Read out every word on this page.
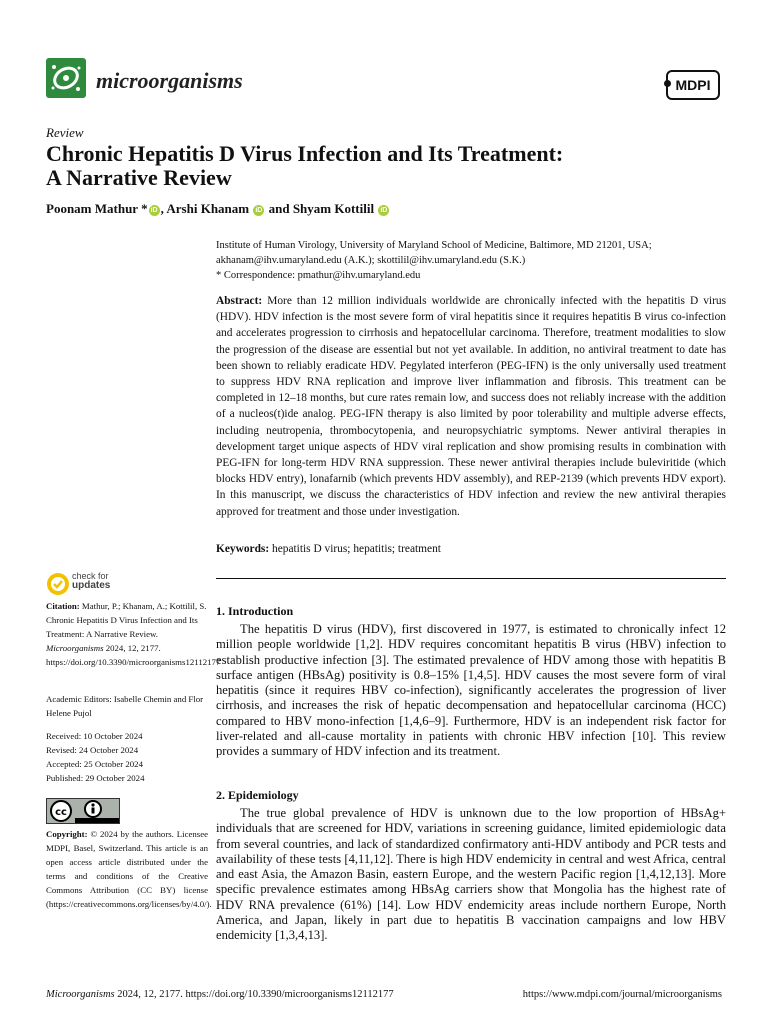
microorganisms	MDPI
Review
Chronic Hepatitis D Virus Infection and Its Treatment:
A Narrative Review
Poonam Mathur * iD , Arshi Khanam iD and Shyam Kottilil iD
Institute of Human Virology, University of Maryland School of Medicine, Baltimore, MD 21201, USA;
akhanam@ihv.umaryland.edu (A.K.); skottilil@ihv.umaryland.edu (S.K.)
* Correspondence: pmathur@ihv.umaryland.edu
Abstract: More than 12 million individuals worldwide are chronically infected with the hepatitis D virus (HDV). HDV infection is the most severe form of viral hepatitis since it requires hepatitis B virus co-infection and accelerates progression to cirrhosis and hepatocellular carcinoma. Therefore, treatment modalities to slow the progression of the disease are essential but not yet available. In addition, no antiviral treatment to date has been shown to reliably eradicate HDV. Pegylated interferon (PEG-IFN) is the only universally used treatment to suppress HDV RNA replication and improve liver inflammation and fibrosis. This treatment can be completed in 12–18 months, but cure rates remain low, and success does not reliably increase with the addition of a nucleos(t)ide analog. PEG-IFN therapy is also limited by poor tolerability and multiple adverse effects, including neutropenia, thrombocytopenia, and neuropsychiatric symptoms. Newer antiviral therapies in development target unique aspects of HDV viral replication and show promising results in combination with PEG-IFN for long-term HDV RNA suppression. These newer antiviral therapies include buleviritide (which blocks HDV entry), lonafarnib (which prevents HDV assembly), and REP-2139 (which prevents HDV export). In this manuscript, we discuss the characteristics of HDV infection and review the new antiviral therapies approved for treatment and those under investigation.
Keywords: hepatitis D virus; hepatitis; treatment
check for
updates
Citation: Mathur, P.; Khanam, A.; Kottilil, S. Chronic Hepatitis D Virus Infection and Its Treatment: A Narrative Review. Microorganisms 2024, 12, 2177. https://doi.org/10.3390/microorganisms12112177
Academic Editors: Isabelle Chemin and Flor Helene Pujol
Received: 10 October 2024
Revised: 24 October 2024
Accepted: 25 October 2024
Published: 29 October 2024
cc
Copyright: © 2024 by the authors. Licensee MDPI, Basel, Switzerland. This article is an open access article distributed under the terms and conditions of the Creative Commons Attribution (CC BY) license (https://creativecommons.org/licenses/by/4.0/).
1. Introduction

The hepatitis D virus (HDV), first discovered in 1977, is estimated to chronically infect 12 million people worldwide [1,2]. HDV requires concomitant hepatitis B virus (HBV) infection to establish productive infection [3]. The estimated prevalence of HDV among those with hepatitis B surface antigen (HBsAg) positivity is 0.8–15% [1,4,5]. HDV causes the most severe form of viral hepatitis (since it requires HBV co-infection), significantly accelerates the progression of liver cirrhosis, and increases the risk of hepatic decompensation and hepatocellular carcinoma (HCC) compared to HBV mono-infection [1,4,6–9]. Furthermore, HDV is an independent risk factor for liver-related and all-cause mortality in patients with chronic HBV infection [10]. This review provides a summary of HDV infection and its treatment.

2. Epidemiology

The true global prevalence of HDV is unknown due to the low proportion of HBsAg+ individuals that are screened for HDV, variations in screening guidance, limited epidemiologic data from several countries, and lack of standardized confirmatory anti-HDV antibody and PCR tests and availability of these tests [4,11,12]. There is high HDV endemicity in central and west Africa, central and east Asia, the Amazon Basin, eastern Europe, and the western Pacific region [1,4,12,13]. More specific prevalence estimates among HBsAg carriers show that Mongolia has the highest rate of HDV RNA prevalence (61%) [14]. Low HDV endemicity areas include northern Europe, North America, and Japan, likely in part due to hepatitis B vaccination campaigns and low HBV endemicity [1,3,4,13].

Microorganisms 2024, 12, 2177. https://doi.org/10.3390/microorganisms12112177	https://www.mdpi.com/journal/microorganisms
